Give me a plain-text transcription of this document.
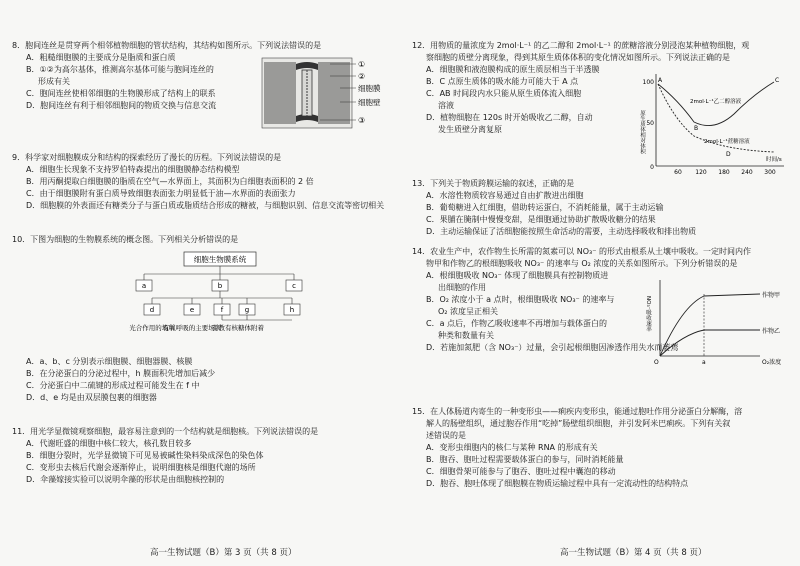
8．胞间连丝是贯穿两个相邻植物细胞的管状结构，其结构如图所示。下列说法错误的是

A．粗糙细胞膜的主要成分是脂质和蛋白质

B．①②为高尔基体，推测高尔基体可能与胞间连丝的

形成有关

C．胞间连丝使相邻细胞的生物膜形成了结构上的联系

D．胞间连丝有利于相邻细胞间的物质交换与信息交流

①
②
细胞膜
细胞壁
③

9．科学家对细胞膜成分和结构的探索经历了漫长的历程。下列说法错误的是

A．细胞生长现象不支持罗伯特森提出的细胞膜静态结构模型

B．用丙酮提取白细胞膜的脂质在空气—水界面上，其面积为白细胞表面积的 2 倍

C．由于细胞膜附有蛋白质导致细胞表面张力明显低于油—水界面的表面张力

D．细胞膜的外表面还有糖类分子与蛋白质或脂质结合形成的糖被，与细胞识别、信息交流等密切相关

10．下图为细胞的生物膜系统的概念图。下列相关分析错误的是

细胞生物膜系统
a	b	c
d	e	f	g	h
光合作用的场所
有氧呼吸的主要场所
有教有核糖体附着

A．a、b、c 分别表示细胞膜、细胞器膜、核膜

B．在分泌蛋白的分泌过程中，h 膜面积先增加后减少

C．分泌蛋白中二硫键的形成过程可能发生在 f 中

D．d、e 均是由双层膜包裹的细胞器

11．用光学显微镜观察细胞，最容易注意到的一个结构就是细胞核。下列说法错误的是

A．代谢旺盛的细胞中核仁较大，核孔数目较多

B．细胞分裂时，光学显微镜下可见易被碱性染料染成深色的染色体

C．变形虫去核后代谢会逐渐停止，说明细胞核是细胞代谢的场所

D．伞藻嫁接实验可以说明伞藻的形状是由细胞核控制的

高一生物试题（B）第 3 页（共 8 页）

12．用物质的量浓度为 2mol·L⁻¹ 的乙二醇和 2mol·L⁻¹ 的蔗糖溶液分别浸泡某种植物细胞，观

察细胞的质壁分离现象，得到其原生质体体积的变化情况如图所示。下列说法正确的是

A．细胞膜和液泡膜构成的原生质层相当于半透膜

B．C 点原生质体的吸水能力可能大于 A 点

C．AB 时间段内水只能从原生质体流入细胞

溶液

D．植物细胞在 120s 时开始吸收乙二醇，自动

发生质壁分离复原	原生质体相对体积
100
50
0
60 120 180 240 300
时间/s
A
B
C
D
2mol·L⁻¹乙二醇溶液
2mol·L⁻¹蔗糖溶液

13．下列关于物质跨膜运输的叙述，正确的是

A．水溶性物质较容易通过自由扩散进出细胞

B．葡萄糖进入红细胞，借助转运蛋白，不消耗能量，属于主动运输

C．果脯在腌制中慢慢变甜，是细胞通过协助扩散吸收糖分的结果

D．主动运输保证了活细胞能按照生命活动的需要，主动选择吸收和排出物质

14．农业生产中，农作物生长所需的氮素可以 NO₃⁻ 的形式由根系从土壤中吸收。一定时间内作

物甲和作物乙的根细胞吸收 NO₃⁻ 的速率与 O₂ 浓度的关系如图所示。下列分析错误的是

A．根细胞吸收 NO₃⁻ 体现了细胞膜具有控制物质进

出细胞的作用

B．O₂ 浓度小于 a 点时，根细胞吸收 NO₃⁻ 的速率与

O₂ 浓度呈正相关

C．a 点后，作物乙吸收速率不再增加与载体蛋白的

种类和数量有关

D．若施加氮肥（含 NO₃⁻）过量，会引起根细胞因渗透作用失水而萎蔫

NO₃⁻吸收速率
O	O₂浓度
a
作物甲
作物乙

15．在人体肠道内寄生的一种变形虫——痢疾内变形虫，能通过胞吐作用分泌蛋白分解酶，溶

解人的肠壁组织，通过胞吞作用“吃掉”肠壁组织细胞，并引发阿米巴痢疾。下列有关叙

述错误的是

A．变形虫细胞内的核仁与某种 RNA 的形成有关

B．胞吞、胞吐过程需要载体蛋白的参与，同时消耗能量

C．细胞骨架可能参与了胞吞、胞吐过程中囊泡的移动

D．胞吞、胞吐体现了细胞膜在物质运输过程中具有一定流动性的结构特点

高一生物试题（B）第 4 页（共 8 页）
